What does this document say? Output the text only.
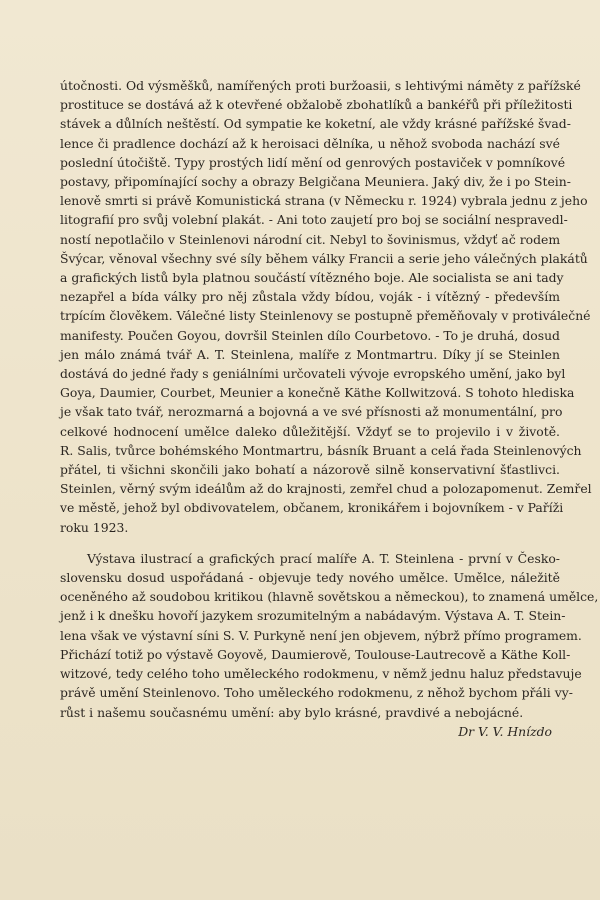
útočnosti. Od výsměšků, namířených proti buržoasii, s lehtivými náměty z pařížské

prostituce se dostává až k otevřené obžalobě zbohatlíků a bankéřů při příležitosti

stávek a důlních neštěstí. Od sympatie ke koketní, ale vždy krásné pařížské švad-

lence či pradlence dochází až k heroisaci dělníka, u něhož svoboda nachází své

poslední útočiště. Typy prostých lidí mění od genrových postaviček v pomníkové

postavy, připomínající sochy a obrazy Belgičana Meuniera. Jaký div, že i po Stein-

lenově smrti si právě Komunistická strana (v Německu r. 1924) vybrala jednu z jeho

litografií pro svůj volební plakát. - Ani toto zaujetí pro boj se sociální nespravedl-

ností nepotlačilo v Steinlenovi národní cit. Nebyl to šovinismus, vždyť ač rodem

Švýcar, věnoval všechny své síly během války Francii a serie jeho válečných plakátů

a grafických listů byla platnou součástí vítězného boje. Ale socialista se ani tady

nezapřel a bída války pro něj zůstala vždy bídou, voják - i vítězný - především

trpícím člověkem. Válečné listy Steinlenovy se postupně přeměňovaly v protiválečné

manifesty. Poučen Goyou, dovršil Steinlen dílo Courbetovo. - To je druhá, dosud

jen málo známá tvář A. T. Steinlena, malíře z Montmartru. Díky jí se Steinlen

dostává do jedné řady s geniálními určovateli vývoje evropského umění, jako byl

Goya, Daumier, Courbet, Meunier a konečně Käthe Kollwitzová. S tohoto hlediska

je však tato tvář, nerozmarná a bojovná a ve své přísnosti až monumentální, pro

celkové hodnocení umělce daleko důležitější. Vždyť se to projevilo i v životě.

R. Salis, tvůrce bohémského Montmartru, básník Bruant a celá řada Steinlenových

přátel, ti všichni skončili jako bohatí a názorově silně konservativní šťastlivci.

Steinlen, věrný svým ideálům až do krajnosti, zemřel chud a polozapomenut. Zemřel

ve městě, jehož byl obdivovatelem, občanem, kronikářem i bojovníkem - v Paříži

roku 1923.

Výstava ilustrací a grafických prací malíře A. T. Steinlena - první v Česko-

slovensku dosud uspořádaná - objevuje tedy nového umělce. Umělce, náležitě

oceněného až soudobou kritikou (hlavně sovětskou a německou), to znamená umělce,

jenž i k dnešku hovoří jazykem srozumitelným a nabádavým. Výstava A. T. Stein-

lena však ve výstavní síni S. V. Purkyně není jen objevem, nýbrž přímo programem.

Přichází totiž po výstavě Goyově, Daumierově, Toulouse-Lautrecově a Käthe Koll-

witzové, tedy celého toho uměleckého rodokmenu, v němž jednu haluz představuje

právě umění Steinlenovo. Toho uměleckého rodokmenu, z něhož bychom přáli vy-

růst i našemu současnému umění: aby bylo krásné, pravdivé a nebojácné.

Dr V. V. Hnízdo
